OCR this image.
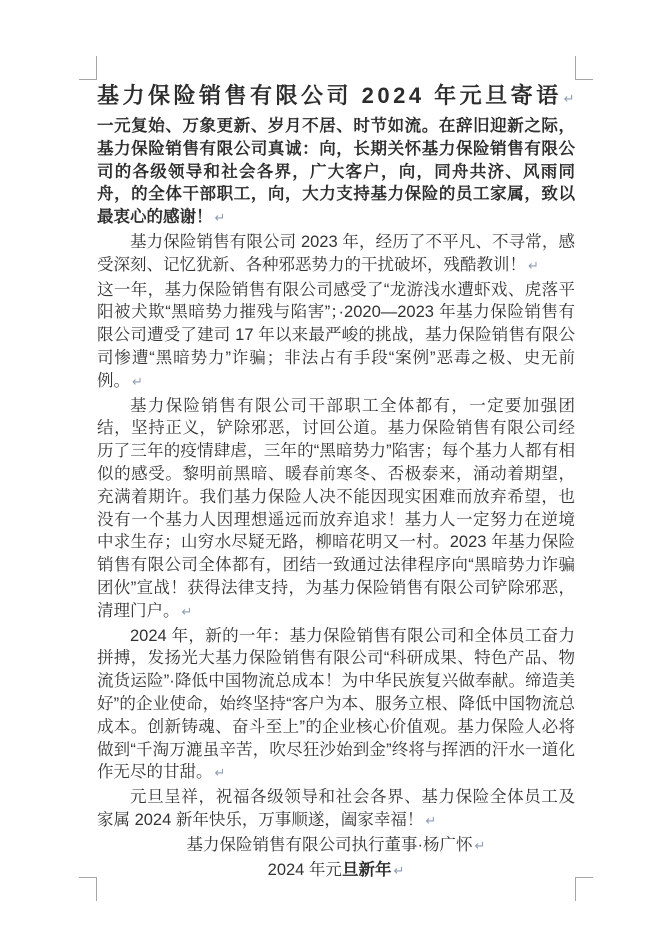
基力保险销售有限公司 2024 年元旦寄语 ↵

一元复始、万象更新、岁月不居、时节如流。在辞旧迎新之际，基力保险销售有限公司真诚：向，长期关怀基力保险销售有限公司的各级领导和社会各界，广大客户，向，同舟共济、风雨同舟，的全体干部职工，向，大力支持基力保险的员工家属，致以最衷心的感谢！ ↵

基力保险销售有限公司 2023 年，经历了不平凡、不寻常，感受深刻、记忆犹新、各种邪恶势力的干扰破坏，残酷教训！ ↵

这一年，基力保险销售有限公司感受了“龙游浅水遭虾戏、虎落平阳被犬欺“黑暗势力摧残与陷害”；·2020—2023 年基力保险销售有限公司遭受了建司 17 年以来最严峻的挑战，基力保险销售有限公司惨遭“黑暗势力”诈骗；非法占有手段“案例”恶毒之极、史无前例。 ↵

基力保险销售有限公司干部职工全体都有，一定要加强团结，坚持正义，铲除邪恶，讨回公道。基力保险销售有限公司经历了三年的疫情肆虐，三年的“黑暗势力”陷害；每个基力人都有相似的感受。黎明前黑暗、暖春前寒冬、否极泰来，涌动着期望，充满着期许。我们基力保险人决不能因现实困难而放弃希望，也没有一个基力人因理想遥远而放弃追求！基力人一定努力在逆境中求生存；山穷水尽疑无路，柳暗花明又一村。2023 年基力保险销售有限公司全体都有，团结一致通过法律程序向“黑暗势力诈骗团伙”宣战！获得法律支持，为基力保险销售有限公司铲除邪恶，清理门户。 ↵

2024 年，新的一年：基力保险销售有限公司和全体员工奋力拼搏，发扬光大基力保险销售有限公司“科研成果、特色产品、物流货运险”·降低中国物流总成本！为中华民族复兴做奉献。缔造美好”的企业使命，始终坚持“客户为本、服务立根、降低中国物流总成本。创新铸魂、奋斗至上”的企业核心价值观。基力保险人必将做到“千淘万漉虽辛苦，吹尽狂沙始到金”终将与挥洒的汗水一道化作无尽的甘甜。 ↵

元旦呈祥，祝福各级领导和社会各界、基力保险全体员工及家属 2024 新年快乐，万事顺遂，阖家幸福！ ↵

基力保险销售有限公司执行董事·杨广怀 ↵

2024 年元旦新年 ↵
